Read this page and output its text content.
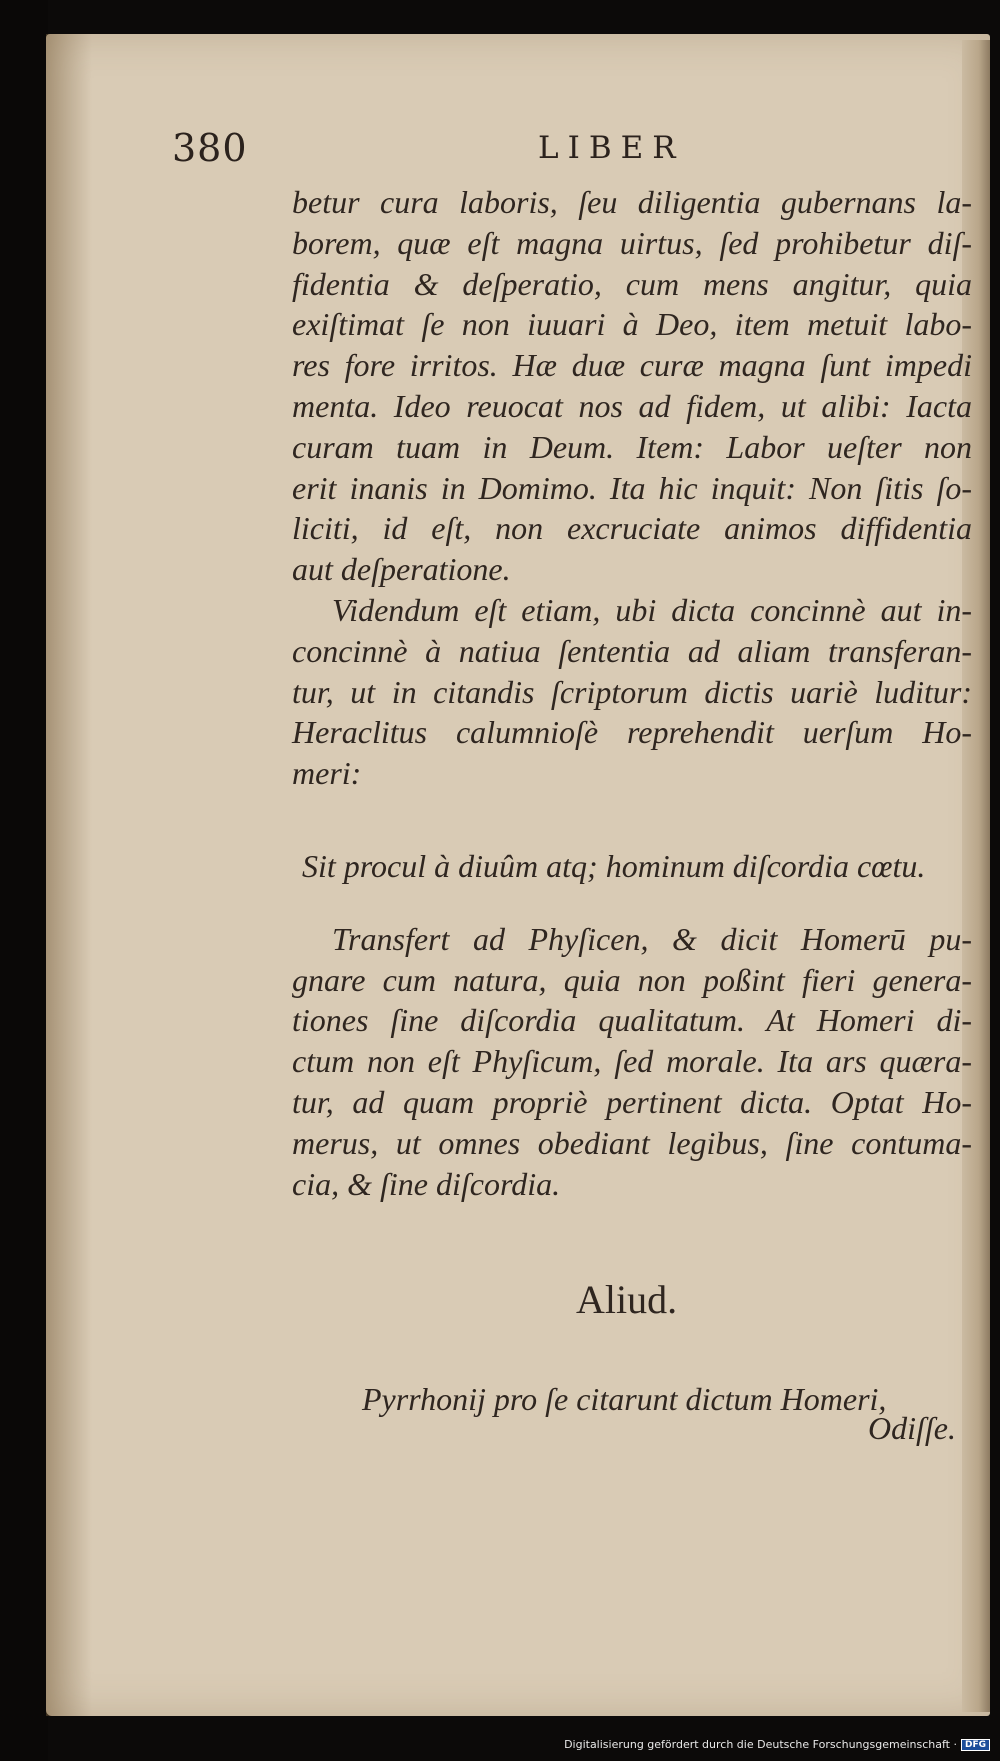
380	LIBER
betur cura laboris, ſeu diligentia gubernans la-
borem, quæ eſt magna uirtus, ſed prohibetur diſ-
fidentia & deſperatio, cum mens angitur, quia
exiſtimat ſe non iuuari à Deo, item metuit labo-
res fore irritos. Hæ duæ curæ magna ſunt impedi
menta. Ideo reuocat nos ad fidem, ut alibi: Iacta
curam tuam in Deum. Item: Labor ueſter non
erit inanis in Domimo. Ita hic inquit: Non ſitis ſo-
liciti, id eſt, non excruciate animos diffidentia
aut deſperatione.
Videndum eſt etiam, ubi dicta concinnè aut in-
concinnè à natiua ſententia ad aliam transferan-
tur, ut in citandis ſcriptorum dictis uariè luditur:
Heraclitus calumnioſè reprehendit uerſum Ho-
meri:
Sit procul à diuûm atq; hominum diſcordia cœtu.
Transfert ad Phyſicen, & dicit Homerū pu-
gnare cum natura, quia non poßint fieri genera-
tiones ſine diſcordia qualitatum. At Homeri di-
ctum non eſt Phyſicum, ſed morale. Ita ars quæra-
tur, ad quam propriè pertinent dicta. Optat Ho-
merus, ut omnes obediant legibus, ſine contuma-
cia, & ſine diſcordia.
Aliud.
Pyrrhonij pro ſe citarunt dictum Homeri,
Odiſſe.
Digitalisierung gefördert durch die Deutsche Forschungsgemeinschaft · DFG
